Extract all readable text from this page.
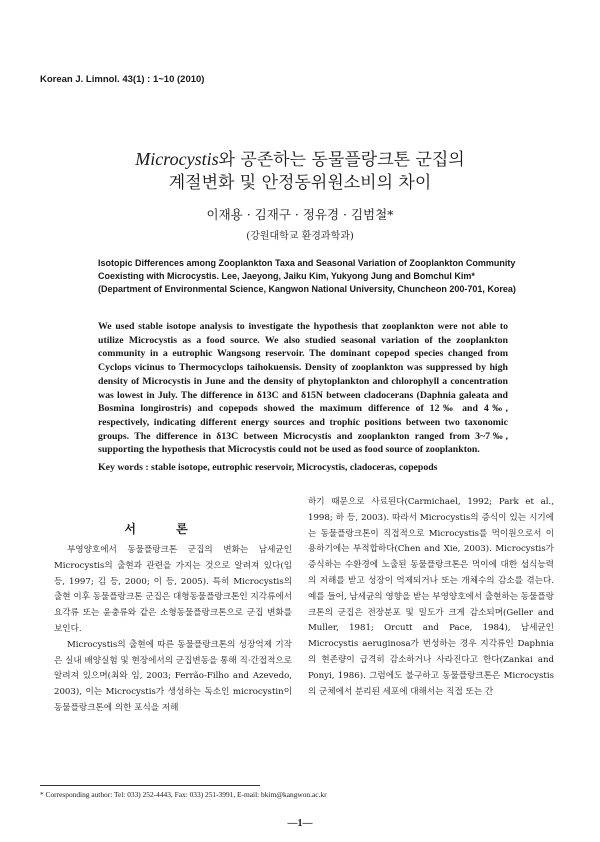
Korean J. Limnol. 43(1) : 1~10 (2010)
Microcystis와 공존하는 동물플랑크톤 군집의
계절변화 및 안정동위원소비의 차이
이재용 · 김재구 · 정유경 · 김범철*
(강원대학교 환경과학과)
Isotopic Differences among Zooplankton Taxa and Seasonal Variation of Zooplankton Community Coexisting with Microcystis. Lee, Jaeyong, Jaiku Kim, Yukyong Jung and Bomchul Kim* (Department of Environmental Science, Kangwon National University, Chuncheon 200-701, Korea)
We used stable isotope analysis to investigate the hypothesis that zooplankton were not able to utilize Microcystis as a food source. We also studied seasonal variation of the zooplankton community in a eutrophic Wangsong reservoir. The dominant copepod species changed from Cyclops vicinus to Thermocyclops taihokuensis. Density of zooplankton was suppressed by high density of Microcystis in June and the density of phytoplankton and chlorophyll a concentration was lowest in July. The difference in δ13C and δ15N between cladocerans (Daphnia galeata and Bosmina longirostris) and copepods showed the maximum difference of 12‰ and 4‰, respectively, indicating different energy sources and trophic positions between two taxonomic groups. The difference in δ13C between Microcystis and zooplankton ranged from 3~7‰, supporting the hypothesis that Microcystis could not be used as food source of zooplankton.
Key words : stable isotope, eutrophic reservoir, Microcystis, cladoceras, copepods
서 론

부영양호에서 동물플랑크톤 군집의 변화는 남세균인 Microcystis의 출현과 관련을 가지는 것으로 알려져 있다(임 등, 1997; 김 등, 2000; 이 등, 2005). 특히 Microcystis의 출현 이후 동물플랑크톤 군집은 대형동물플랑크톤인 지각류에서 요각류 또는 윤충류와 같은 소형동물플랑크톤으로 군집 변화를 보인다.

Microcystis의 출현에 따른 동물플랑크톤의 성장억제 기작은 실내 배양실험 및 현장에서의 군집변동을 통해 직·간접적으로 알려져 있으며(최와 임, 2003; Ferrão-Filho and Azevedo, 2003), 이는 Microcystis가 생성하는 독소인 microcystin이 동물플랑크톤에 의한 포식을 저해

하기 때문으로 사료된다(Carmichael, 1992; Park et al., 1998; 하 등, 2003). 따라서 Microcystis의 증식이 있는 시기에는 동물플랑크톤이 직접적으로 Microcystis를 먹이원으로서 이용하기에는 부적합하다(Chen and Xie, 2003). Microcystis가 증식하는 수환경에 노출된 동물플랑크톤은 먹이에 대한 섭식능력의 저해를 받고 성장이 억제되거나 또는 개체수의 감소를 겪는다. 예를 들어, 남세균의 영향을 받는 부영양호에서 출현하는 동물플랑크톤의 군집은 전장분포 및 밀도가 크게 감소되며(Geller and Muller, 1981; Orcutt and Pace, 1984), 남세균인 Microcystis aeruginosa가 번성하는 경우 지각류인 Daphnia의 현존량이 급격히 감소하거나 사라진다고 한다(Zankai and Ponyi, 1986). 그럼에도 불구하고 동물플랑크톤은 Microcystis의 군체에서 분리된 세포에 대해서는 직접 또는 간

* Corresponding author: Tel: 033) 252-4443, Fax: 033) 251-3991, E-mail: bkim@kangwon.ac.kr
—1—
